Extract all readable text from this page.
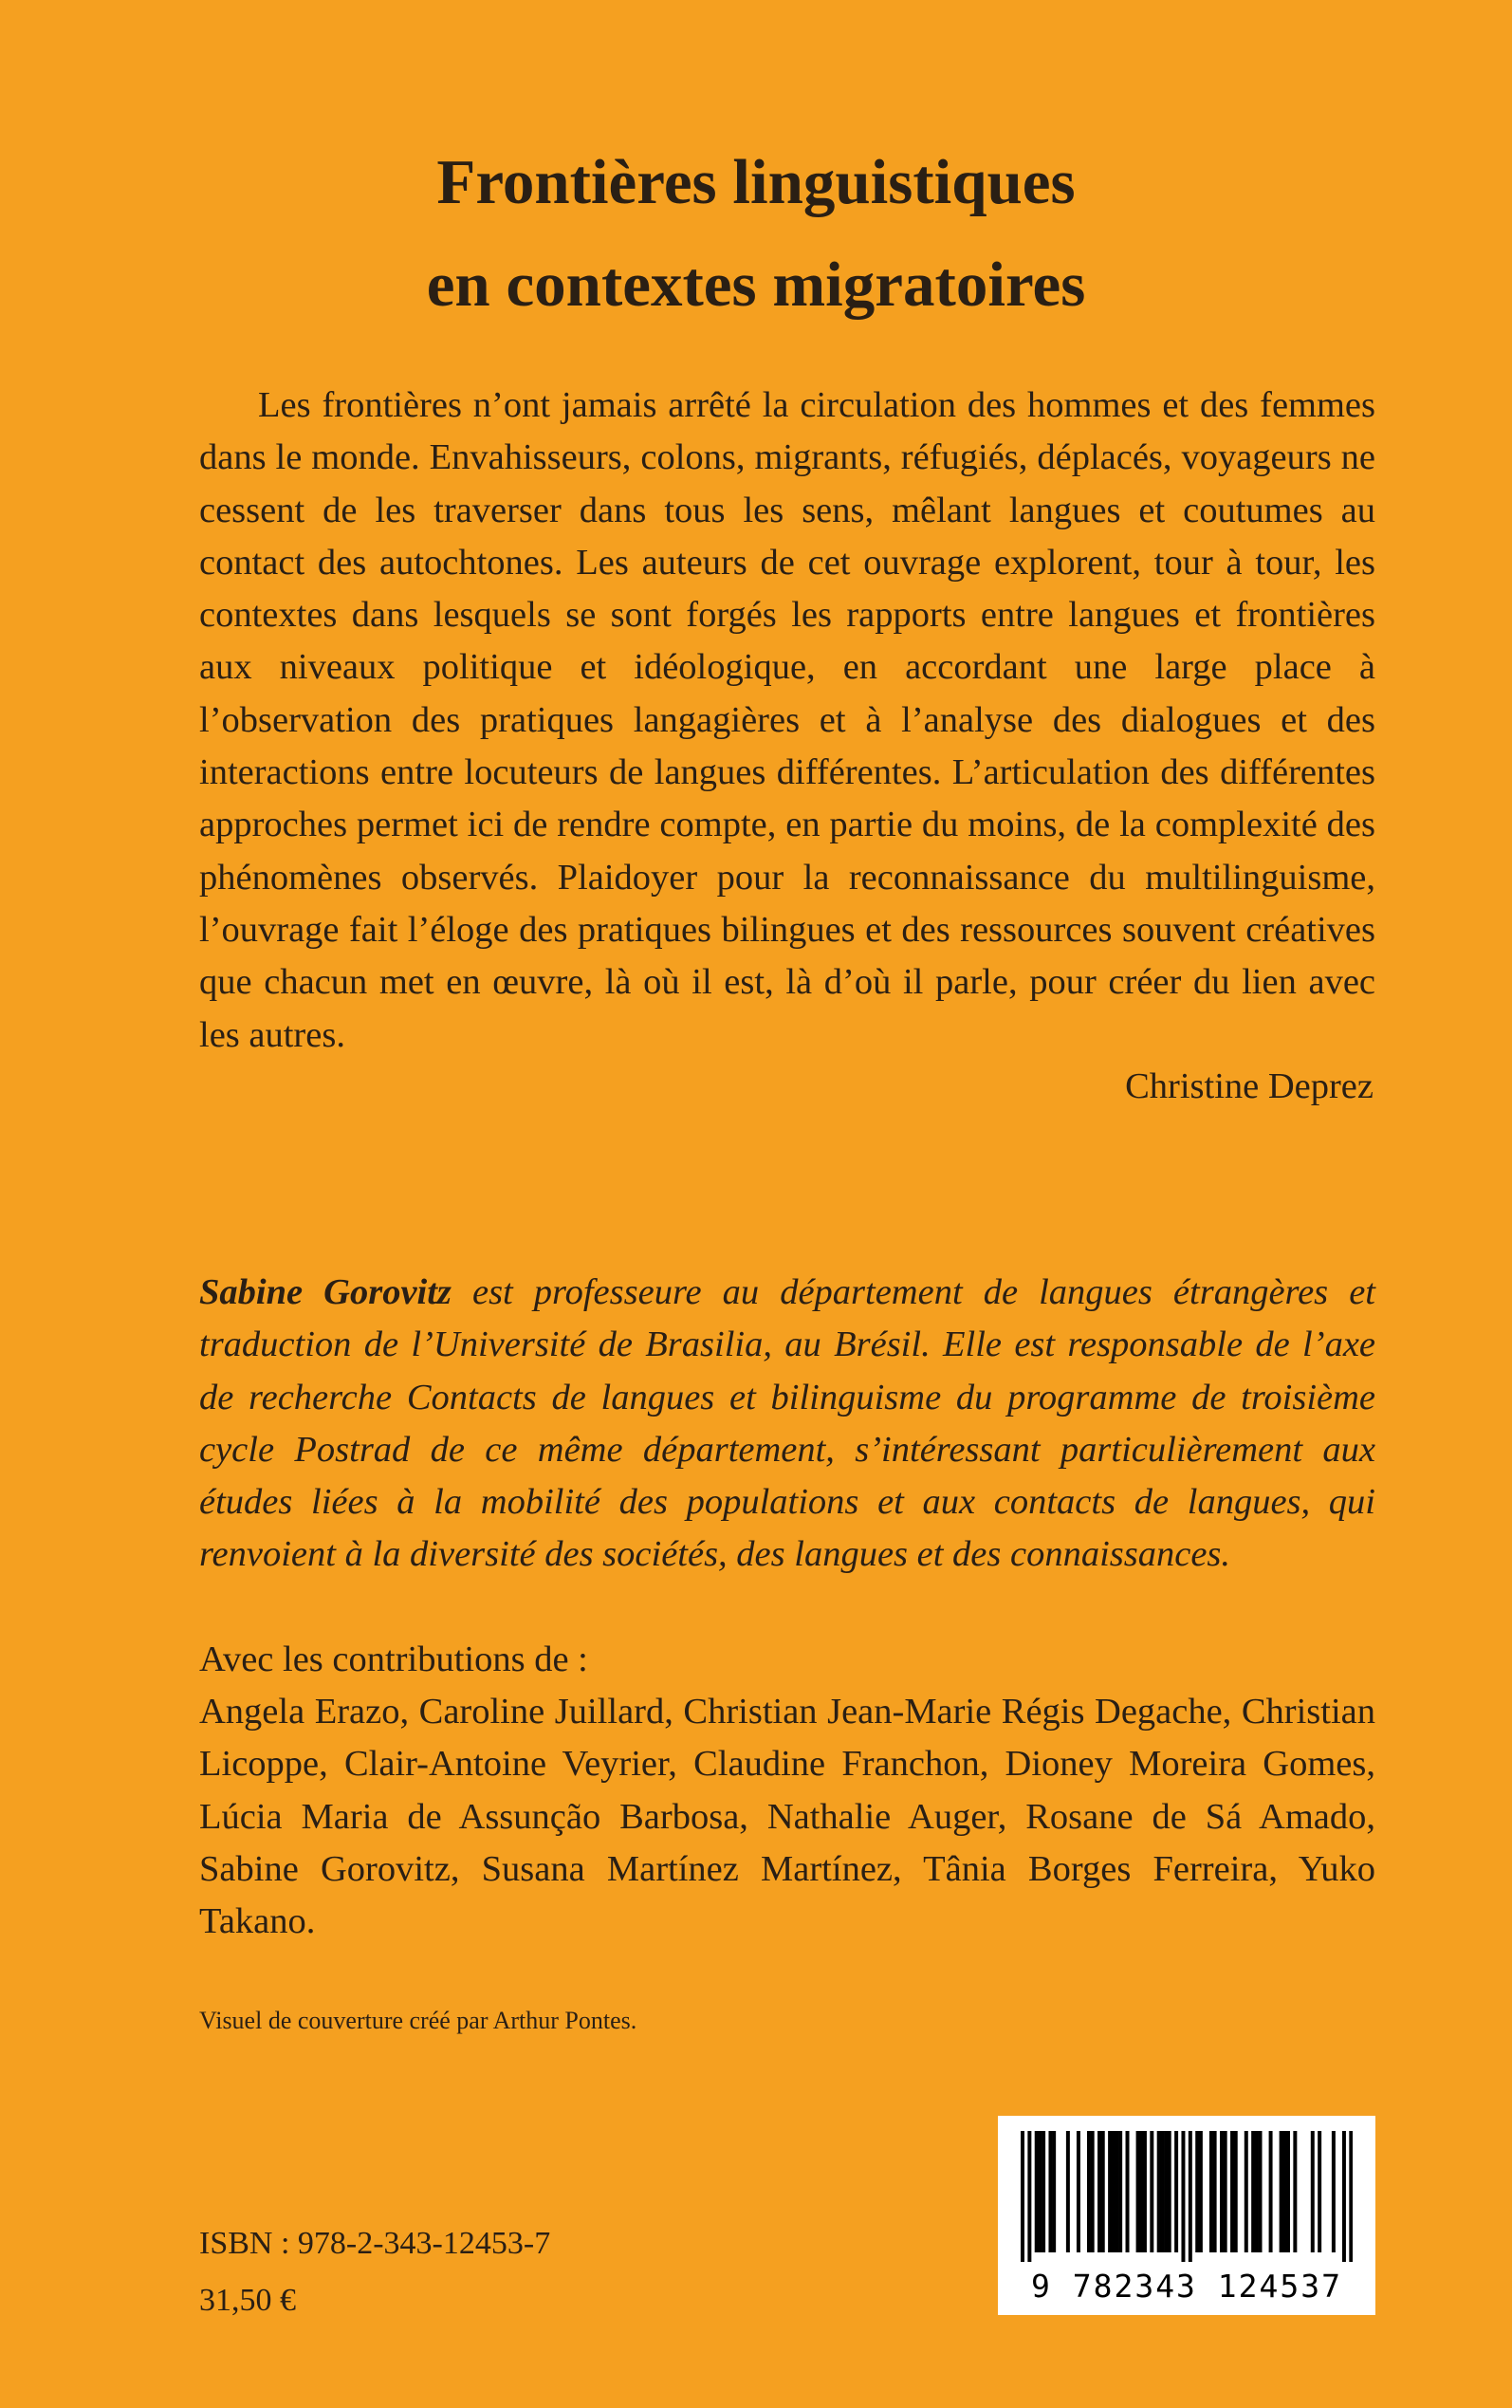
Frontières linguistiques
en contextes migratoires

Les frontières n’ont jamais arrêté la circulation des hommes et des femmes dans le monde. Envahisseurs, colons, migrants, réfugiés, déplacés, voyageurs ne cessent de les traverser dans tous les sens, mêlant langues et coutumes au contact des autochtones. Les auteurs de cet ouvrage explorent, tour à tour, les contextes dans lesquels se sont forgés les rapports entre langues et frontières aux niveaux politique et idéologique, en accordant une large place à l’observation des pratiques langagières et à l’analyse des dialogues et des interactions entre locuteurs de langues différentes. L’articulation des différentes approches permet ici de rendre compte, en partie du moins, de la complexité des phénomènes observés. Plaidoyer pour la reconnaissance du multilinguisme, l’ouvrage fait l’éloge des pratiques bilingues et des ressources souvent créatives que chacun met en œuvre, là où il est, là d’où il parle, pour créer du lien avec les autres.

Christine Deprez

Sabine Gorovitz est professeure au département de langues étrangères et traduction de l’Université de Brasilia, au Brésil. Elle est responsable de l’axe de recherche Contacts de langues et bilinguisme du programme de troisième cycle Postrad de ce même département, s’intéressant particulièrement aux études liées à la mobilité des populations et aux contacts de langues, qui renvoient à la diversité des sociétés, des langues et des connaissances.

Avec les contributions de :

Angela Erazo, Caroline Juillard, Christian Jean-Marie Régis Degache, Christian Licoppe, Clair-Antoine Veyrier, Claudine Franchon, Dioney Moreira Gomes, Lúcia Maria de Assunção Barbosa, Nathalie Auger, Rosane de Sá Amado, Sabine Gorovitz, Susana Martínez Martínez, Tânia Borges Ferreira, Yuko Takano.

Visuel de couverture créé par Arthur Pontes.

ISBN : 978-2-343-12453-7

31,50 €	9 782343 124537
